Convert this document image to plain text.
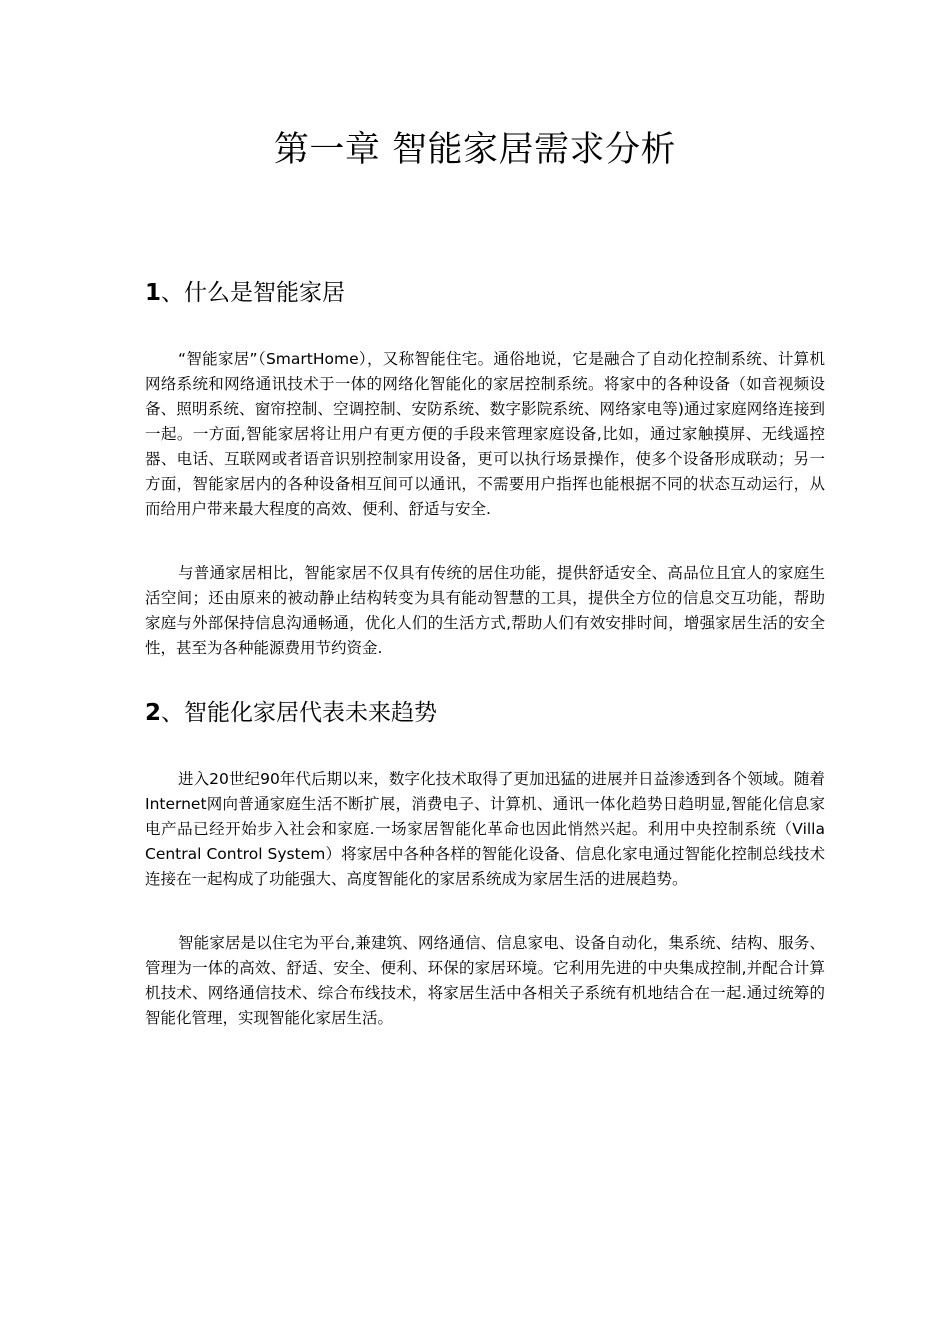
第一章 智能家居需求分析
1、什么是智能家居

“智能家居”（SmartHome），又称智能住宅。通俗地说，它是融合了自动化控制系统、计算机网络系统和网络通讯技术于一体的网络化智能化的家居控制系统。将家中的各种设备（如音视频设备、照明系统、窗帘控制、空调控制、安防系统、数字影院系统、网络家电等)通过家庭网络连接到一起。一方面,智能家居将让用户有更方便的手段来管理家庭设备,比如，通过家触摸屏、无线遥控器、电话、互联网或者语音识别控制家用设备，更可以执行场景操作，使多个设备形成联动；另一方面，智能家居内的各种设备相互间可以通讯，不需要用户指挥也能根据不同的状态互动运行，从而给用户带来最大程度的高效、便利、舒适与安全.

与普通家居相比，智能家居不仅具有传统的居住功能，提供舒适安全、高品位且宜人的家庭生活空间；还由原来的被动静止结构转变为具有能动智慧的工具，提供全方位的信息交互功能，帮助家庭与外部保持信息沟通畅通，优化人们的生活方式,帮助人们有效安排时间，增强家居生活的安全性，甚至为各种能源费用节约资金.

2、智能化家居代表未来趋势

进入20世纪90年代后期以来，数字化技术取得了更加迅猛的进展并日益渗透到各个领域。随着Internet网向普通家庭生活不断扩展，消费电子、计算机、通讯一体化趋势日趋明显,智能化信息家电产品已经开始步入社会和家庭.一场家居智能化革命也因此悄然兴起。利用中央控制系统（Villa Central Control System）将家居中各种各样的智能化设备、信息化家电通过智能化控制总线技术连接在一起构成了功能强大、高度智能化的家居系统成为家居生活的进展趋势。

智能家居是以住宅为平台,兼建筑、网络通信、信息家电、设备自动化，集系统、结构、服务、管理为一体的高效、舒适、安全、便利、环保的家居环境。它利用先进的中央集成控制,并配合计算机技术、网络通信技术、综合布线技术，将家居生活中各相关子系统有机地结合在一起.通过统筹的智能化管理，实现智能化家居生活。
